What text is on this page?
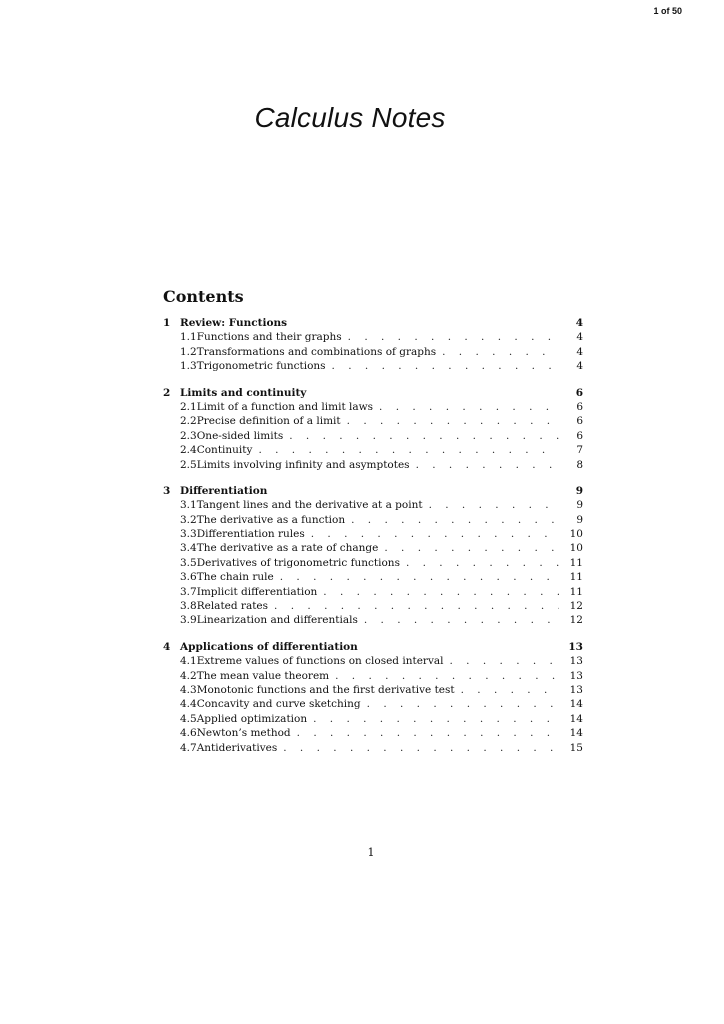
1 of 50
Calculus Notes
Contents
1 Review: Functions	4
1.1 Functions and their graphs . . .	4
1.2 Transformations and combinations of graphs . . .	4
1.3 Trigonometric functions . . .	4
2 Limits and continuity	6
2.1 Limit of a function and limit laws . . .	6
2.2 Precise definition of a limit . . .	6
2.3 One-sided limits . . .	6
2.4 Continuity . . .	7
2.5 Limits involving infinity and asymptotes . . .	8
3 Differentiation	9
3.1 Tangent lines and the derivative at a point . . .	9
3.2 The derivative as a function . . .	9
3.3 Differentiation rules . . .	10
3.4 The derivative as a rate of change . . .	10
3.5 Derivatives of trigonometric functions . . .	11
3.6 The chain rule . . .	11
3.7 Implicit differentiation . . .	11
3.8 Related rates . . .	12
3.9 Linearization and differentials . . .	12
4 Applications of differentiation	13
4.1 Extreme values of functions on closed interval . . .	13
4.2 The mean value theorem . . .	13
4.3 Monotonic functions and the first derivative test . . .	13
4.4 Concavity and curve sketching . . .	14
4.5 Applied optimization . . .	14
4.6 Newton’s method . . .	14
4.7 Antiderivatives . . .	15
1
